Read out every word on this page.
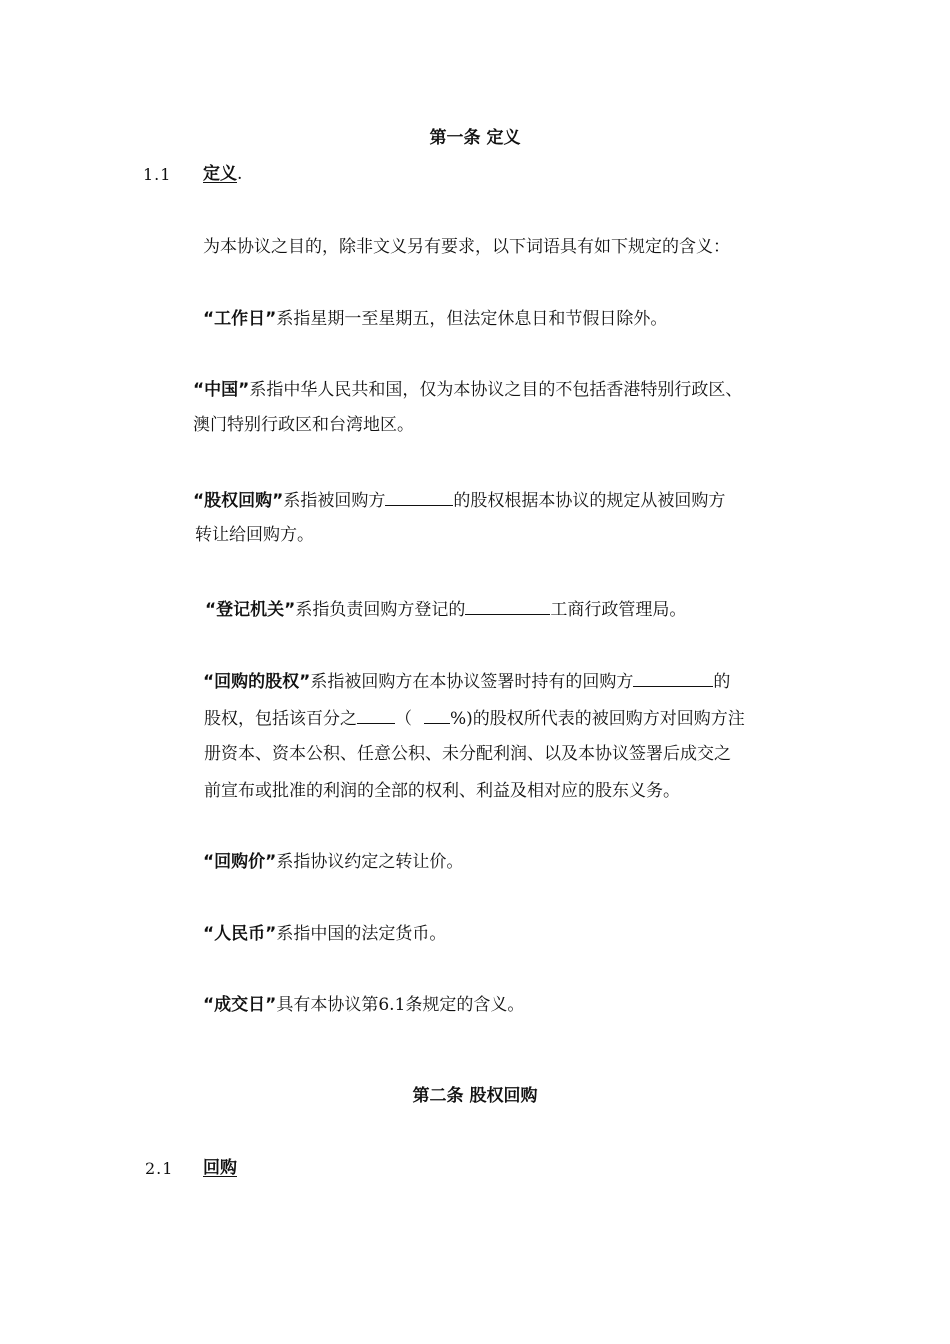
第一条 定义
1.1 定义.
为本协议之目的，除非文义另有要求，以下词语具有如下规定的含义：
“工作日”系指星期一至星期五，但法定休息日和节假日除外。
“中国”系指中华人民共和国，仅为本协议之目的不包括香港特别行政区、
澳门特别行政区和台湾地区。
“股权回购”系指被回购方	的股权根据本协议的规定从被回购方
转让给回购方。
“登记机关”系指负责回购方登记的	工商行政管理局。
“回购的股权”系指被回购方在本协议签署时持有的回购方	的
股权，包括该百分之 （ %)的股权所代表的被回购方对回购方注
册资本、资本公积、任意公积、未分配利润、以及本协议签署后成交之
前宣布或批准的利润的全部的权利、利益及相对应的股东义务。
“回购价”系指协议约定之转让价。
“人民币”系指中国的法定货币。
“成交日”具有本协议第6.1条规定的含义。
第二条 股权回购
2.1 回购
